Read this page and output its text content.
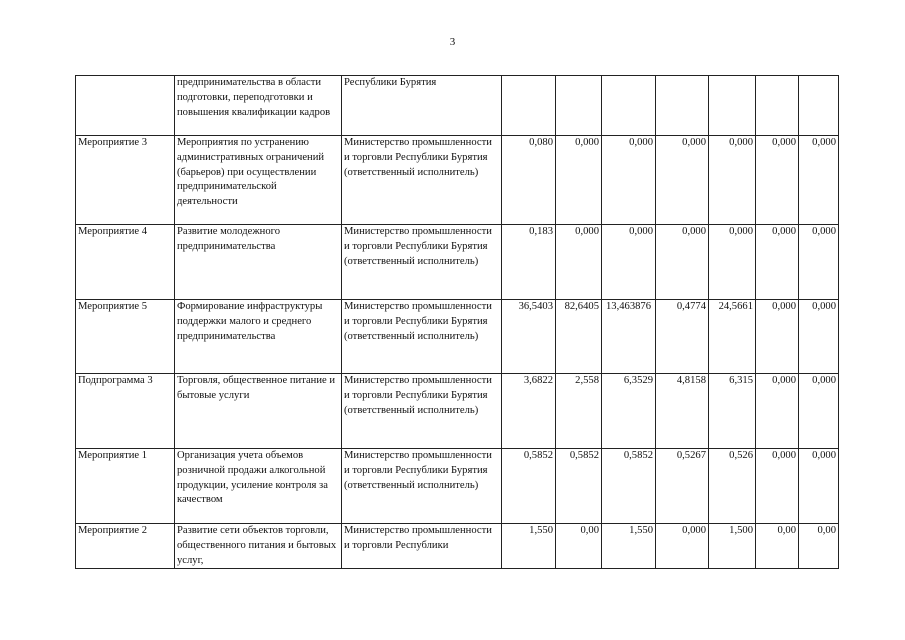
3
	предпринимательства в области подготовки, переподготовки и повышения квалификации кадров	Республики Бурятия							
Мероприятие 3	Мероприятия по устранению административных ограничений (барьеров) при осуществлении предпринимательской деятельности	Министерство промышленности и торговли Республики Бурятия (ответственный исполнитель)	0,080	0,000	0,000	0,000	0,000	0,000	0,000
Мероприятие 4	Развитие молодежного предпринимательства	Министерство промышленности и торговли Республики Бурятия (ответственный исполнитель)	0,183	0,000	0,000	0,000	0,000	0,000	0,000
Мероприятие 5	Формирование инфраструктуры поддержки малого и среднего предпринимательства	Министерство промышленности и торговли Республики Бурятия (ответственный исполнитель)	36,5403	82,6405	13,463876	0,4774	24,5661	0,000	0,000
Подпрограмма 3	Торговля, общественное питание и бытовые услуги	Министерство промышленности и торговли Республики Бурятия (ответственный исполнитель)	3,6822	2,558	6,3529	4,8158	6,315	0,000	0,000
Мероприятие 1	Организация учета объемов розничной продажи алкогольной продукции, усиление контроля за качеством	Министерство промышленности и торговли Республики Бурятия (ответственный исполнитель)	0,5852	0,5852	0,5852	0,5267	0,526	0,000	0,000
Мероприятие 2	Развитие сети объектов торговли, общественного питания и бытовых услуг,	Министерство промышленности и торговли Республики	1,550	0,00	1,550	0,000	1,500	0,00	0,00
